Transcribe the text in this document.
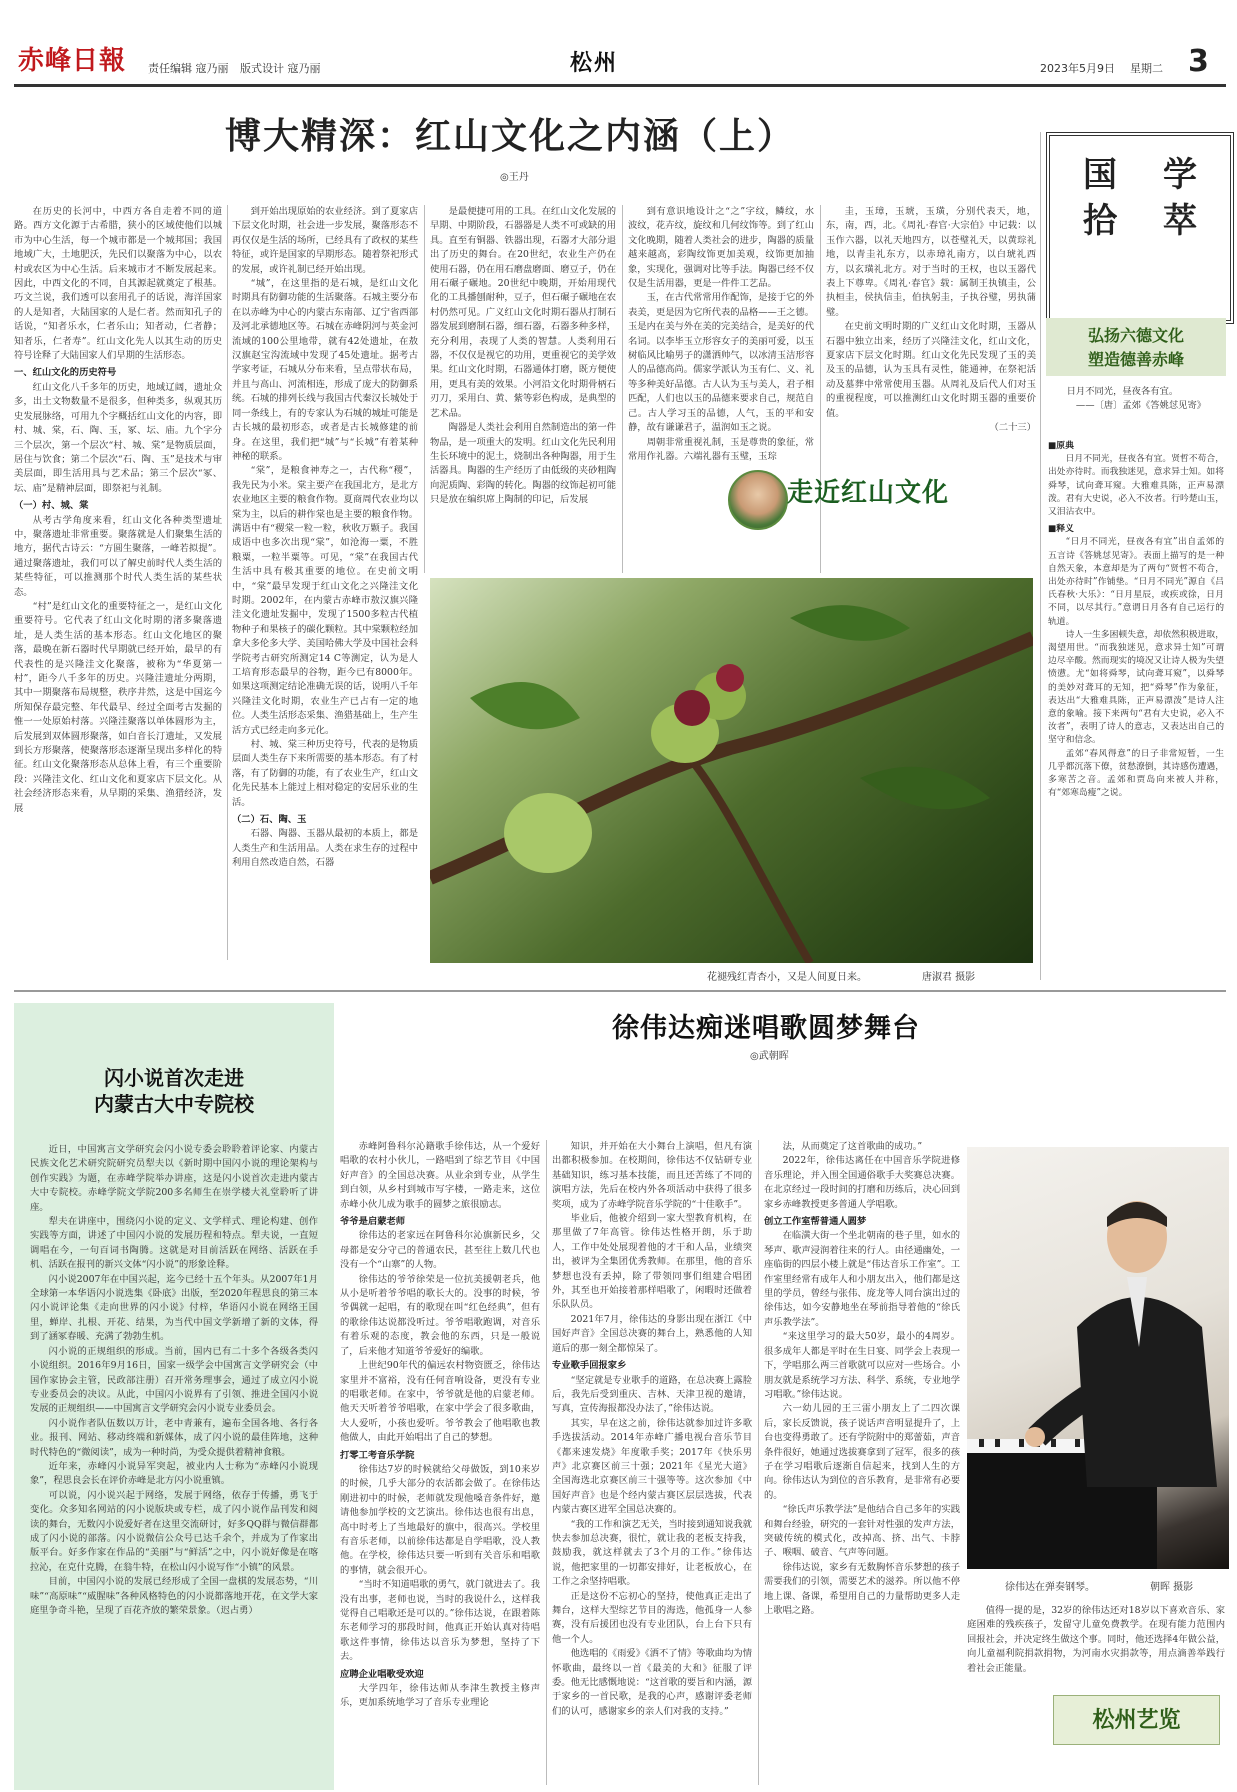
赤峰日報 责任编辑 寇乃丽 版式设计 寇乃丽	松州	2023年5月9日 星期二 3
博大精深：红山文化之内涵（上）
◎王丹

在历史的长河中，中西方各自走着不同的道路。西方文化源于古希腊，狭小的区域使他们以城市为中心生活，每一个城市都是一个城邦国；我国地域广大，土地肥沃，先民们以聚落为中心，以农村或农区为中心生活。后来城市才不断发展起来。因此，中西文化的不同，自其源起就奠定了根基。巧文兰说，我们透可以套用孔子的话说，海洋国家的人是知者，大陆国家的人是仁者。然而知孔子的话说，“知者乐水，仁者乐山；知者动，仁者静；知者乐，仁者寿”。红山文化先人以其生动的历史符号诠释了大陆国家人们早期的生活形态。

一、红山文化的历史符号

红山文化八千多年的历史，地域辽阔，遗址众多，出土文物数量不是很多，但种类多，纵观其历史发展脉络，可用九个字概括红山文化的内容，即村、城、棠，石、陶、玉，冢、坛、庙。九个字分三个层次，第一个层次“村、城、棠”是物质层面，居住与饮食；第二个层次“石、陶、玉”是技术与审美层面，即生活用具与艺术品；第三个层次“冢、坛、庙”是精神层面，即祭祀与礼制。

（一）村、城、棠

从考古学角度来看，红山文化各种类型遗址中，聚落遗址非常重要。聚落就是人们聚集生活的地方，据代古诗云：“方圆生聚落，一峰若拟提”。通过聚落遗址，我们可以了解史前时代人类生活的某些特征，可以推测那个时代人类生活的某些状态。

“村”是红山文化的重要特征之一，是红山文化重要符号。它代表了红山文化时期的渚多聚落遗址，是人类生活的基本形态。红山文化地区的聚落，最晚在新石器时代早期就已经开始，最早的有代表性的是兴隆洼文化聚落，被称为“华夏第一村”，距今八千多年的历史。兴隆洼遗址分两期，其中一期聚落布局规整，秩序井然，这是中国迄今所知保存最完整、年代最早、经过全面考古发掘的惟一一处原始村落。兴隆洼聚落以单体圆形为主，后发展到双体圆形聚落，如白音长汀遗址，又发展到长方形聚落，使聚落形态逐渐呈现出多样化的特征。红山文化聚落形态从总体上看，有三个重要阶段：兴隆洼文化、红山文化和夏家店下层文化。从社会经济形态来看，从早期的采集、渔猎经济，发展

到开始出现原始的农业经济。到了夏家店下层文化时期，社会进一步发展，聚落形态不再仅仅是生活的场所，已经具有了政权的某些特征，或许是国家的早期形态。随着祭祀形式的发展，或许礼制已经开始出现。

“城”，在这里指的是石城，是红山文化时期具有防御功能的生活聚落。石城主要分布在以赤峰为中心的内蒙古东南部、辽宁省西部及河北承德地区等。石城在赤峰阴河与英金河流域的100公里地带，就有42处遗址，在敖汉旗赵宝沟流域中发现了45处遗址。据考古学家考证，石城从分布来看，呈点带状布局，并且与高山、河流相连，形成了庞大的防御系统。石城的排列长线与我国古代秦汉长城处于同一条线上，有的专家认为石城的城址可能是古长城的最初形态，或者是古长城修建的前身。在这里，我们把“城”与“长城”有着某种神秘的联系。

“棠”，是粮食神寿之一，古代称“稷”，我先民为小米。棠主要产在我国北方，是北方农业地区主要的粮食作物。夏商周代农业均以棠为主，以后的耕作棠也是主要的粮食作物。满语中有“稷棠一粒一粒，秋收万颗子。我国成语中也多次出现“棠”，如沧海一粟，不胜粮粟，一粒半粟等。可见，“棠”在我国古代生活中具有极其重要的地位。在史前文明中，“棠”最早发现于红山文化之兴隆洼文化时期。2002年，在内蒙古赤峰市敖汉旗兴隆洼文化遗址发掘中，发现了1500多粒古代植物种子和果核子的碳化颗粒。其中棠颗粒经加拿大多伦多大学、美国哈佛大学及中国社会科学院考古研究所测定14 C等测定，认为是人工培育形态最早的谷物，距今已有8000年。如果这项测定结论准确无误的话，说明八千年兴隆洼文化时期，农业生产已占有一定的地位。人类生活形态采集、渔猎基础上，生产生活方式已经走向多元化。

村、城、棠三种历史符号，代表的是物质层面人类生存下来所需要的基本形态。有了村落，有了防御的功能，有了农业生产，红山文化先民基本上能过上相对稳定的安居乐业的生活。

（二）石、陶、玉

石器、陶器、玉器从最初的本质上，都是人类生产和生活用品。人类在求生存的过程中利用自然改造自然，石器

是最便捷可用的工具。在红山文化发展的早期、中期阶段，石器器是人类不可或缺的用具。直至有铜器、铁器出现，石器才大部分退出了历史的舞台。在20世纪，农业生产仍在使用石器，仍在用石磨盘磨面、磨豆子，仍在用石碾子碾地。20世纪中晚期，开始用现代化的工具播刨耐种，豆子，但石碾子碾地在农村仍然可见。广义红山文化时期石器从打制石器发展到磨制石器，细石器，石器多种多样，充分利用，表现了人类的智慧。人类利用石器，不仅仅是视它的功用，更重视它的美学效果。红山文化时期，石器通体打磨，既方便使用，更具有美的效果。小河沿文化时期骨柄石刃刀，采用白、黄、紫等彩色构成，是典型的艺术品。

陶器是人类社会利用自然制造出的第一件物品，是一项重大的发明。红山文化先民利用生长环境中的泥土，烧制出各种陶器，用于生活器具。陶器的生产经历了由低级的夹砂粗陶向泥质陶、彩陶的转化。陶器的纹饰起初可能只是放在编织席上陶制的印记，后发展

到有意识地设计之“之”字纹，鳞纹，水波纹，花卉纹，旋纹和几何纹饰等。到了红山文化晚期，随着人类社会的进步，陶器的质量越来越高，彩陶纹饰更加美观，纹饰更加抽象，实现化，强调对比等手法。陶器已经不仅仅是生活用器，更是一件件工艺品。

玉，在古代常常用作配饰，是接于它的外表美，更是因为它所代表的品格——王之德。玉是内在美与外在美的完美结合，是美好的代名词。以李毕玉立形容女子的美丽可爱，以玉树临风比喻男子的潇洒帅气，以冰清玉洁形容人的品德高尚。儒家学派认为玉有仁、义、礼等多种美好品德。古人认为玉与美人，君子相匹配，人们也以玉的品德来要求自己，规范自己。古人学习玉的品德，人气，玉的平和安静，故有谦谦君子，温润如玉之说。

周朝非常重视礼制，玉是尊贵的象征，常常用作礼器。六端礼器有玉璧，玉琮

圭，玉璋，玉琥，玉璜，分别代表天，地，东，南，西，北。《周礼·春官·大宗伯》中记载：以玉作六器，以礼天地四方，以苍璧礼天，以黄琮礼地，以青圭礼东方，以赤璋礼南方，以白琥礼西方，以玄璜礼北方。对于当时的王权，也以玉器代表上下尊卑。《周礼·春官》载：属制王执镇圭，公执桓圭，侯执信圭，伯执躬圭，子执谷璧，男执蒲璧。

在史前文明时期的广义红山文化时期，玉器从石器中独立出来，经历了兴隆洼文化，红山文化，夏家店下层文化时期。红山文化先民发现了玉的美及玉的品德，认为玉具有灵性，能通神，在祭祀活动及墓葬中常常使用玉器。从周礼及后代人们对玉的重视程度，可以推测红山文化时期玉器的重要价值。

（二十三）

走近红山文化
花褪残红青杏小，又是人间夏日来。	唐淑君 摄影
国	学
拾	萃
弘扬六德文化
塑造德善赤峰

日月不同光，昼夜各有宜。

——〔唐〕孟郊《答姚怤见寄》

■原典

日月不同光，昼夜各有宜。贤哲不苟合，出处亦待时。而我独迷见，意求异士知。如将舜琴，试向聋耳窥。大雅难具陈，正声易漂泼。君有大史说，必入不汝者。行吟楚山玉，又泪沾衣中。

■释义

“日月不同光，昼夜各有宜”出自孟郊的五言诗《答姚怤见寄》。表面上描写的是一种自然天象，本意却是为了两句“贤哲不苟合，出处亦待时”作铺垫。“日月不同光”源自《吕氏春秋·大乐》：“日月星辰，或疾或徐，日月不同，以尽其行。”意谓日月各有自己运行的轨道。

诗人一生多困顿失意，却依然积极进取，渴望用世。“而我独迷见，意求异士知”可谓边尽辛酸。然而现实的境况又让诗人极为失望愤懑。尤“如将舜琴，试向聋耳窥”，以舜琴的美妙对聋耳的无知，把“舜琴”作为象征，表达出“大雅难具陈，正声易漂泼”是诗人注意的象喻。接下来两句“君有大史说，必入不汝者”，表明了诗人的意志，又表达出自己的坚守和信念。

孟郊“春风得意”的日子非常短暂，一生几乎都沉落下僚，贫愁潦倒，其诗感伤遭遇，多寒苦之音。孟郊和贾岛向来被人并称，有“郊寒岛瘦”之说。

闪小说首次走进
内蒙古大中专院校

近日，中国寓言文学研究会闪小说专委会聆聆着评论家、内蒙古民族文化艺术研究院研究员犁夫以《新时期中国闪小说的理论架构与创作实践》为题，在赤峰学院举办讲座，这是闪小说首次走进内蒙古大中专院校。赤峰学院文学院200多名师生在崇学楼大礼堂聆听了讲座。

犁夫在讲座中，围绕闪小说的定义、文学样式、理论构建、创作实践等方面，讲述了中国闪小说的发展历程和特点。犁夫说，一直短调唱在今，一句百词书陶腾。这就是对目前活跃在网络、活跃在手机、活跃在报刊的新兴文体“闪小说”的形象诠释。

闪小说2007年在中国兴起，迄今已经十五个年头。从2007年1月全球第一本华语闪小说选集《卧底》出版，至2020年程思良的第三本闪小说评论集《走向世界的闪小说》付梓，华语闪小说在网络王国里，蝉岸、扎根、开花、结果，为当代中国文学新增了新的文体，得到了涵冢春暖、充满了勃勃生机。

闪小说的正规组织的形成。当前，国内已有二十多个各级各类闪小说组织。2016年9月16日，国家一级学会中国寓言文学研究会（中国作家协会主管，民政部注册）召开常务理事会，通过了成立闪小说专业委员会的决议。从此，中国闪小说界有了引领、推进全国闪小说发展的正规组织——中国寓言文学研究会闪小说专业委员会。

闪小说作者队伍数以万计，老中青兼有，遍布全国各地、各行各业。报刊、网站、移动终端和新媒体，成了闪小说的最佳阵地，这种时代特色的“微阅读”，成为一种时尚，为受众提供着精神食粮。

近年来，赤峰闪小说异军突起，被业内人士称为“赤峰闪小说现象”，程思良会长在评价赤峰是北方闪小说重镇。

可以说，闪小说兴起于网络，发展于网络，依存于传播，勇飞于变化。众多知名网站的闪小说版块或专栏，成了闪小说作品刊发和阅读的舞台，无数闪小说爱好者在这里交流研讨，好多QQ群与微信群都成了闪小说的部落。闪小说微信公众号已达千余个，并成为了作家出版平台。好多作家在作品的“美丽”与“鲜活”之中，闪小说好像是在喀拉沁，在克什克腾，在翁牛特，在松山闪小说写作“小镇”的风景。

目前，中国闪小说的发展已经形成了全国一盘棋的发展态势，“川味”“高原味”“威腥味”各种风格特色的闪小说都落地开花，在文学大家庭里争奇斗艳，呈现了百花齐放的繁荣景象。（迟占勇）

徐伟达痴迷唱歌圆梦舞台
◎武朝晖

赤峰阿鲁科尔沁籍歌手徐伟达，从一个爱好唱歌的农村小伙儿，一路唱到了综艺节目《中国好声音》的全国总决赛。从业余到专业，从学生到白领，从乡村到城市写字楼，一路走来，这位赤峰小伙儿成为歌手的圆梦之旅很励志。

爷爷是启蒙老师

徐伟达的老家远在阿鲁科尔沁旗新民乡，父母都是安分守己的普通农民，甚至往上数几代也没有一个“山寨”的人物。

徐伟达的爷爷徐荣是一位抗美援朝老兵，他从小是听着爷爷唱的歌长大的。没事的时候，爷爷偶就一起唱，有的歌现在叫“红色经典”，但有的歌徐伟达说都没听过。爷爷唱歌跑调，对音乐有着乐观的态度，教会他的东西，只是一般说了，后来他才知道爷爷爱好的编歌。

上世纪90年代的偏远农村物资匮乏，徐伟达家里并不富裕，没有任何音响设备，更没有专业的唱歌老师。在家中，爷爷就是他的启蒙老师。他天天听着爷爷唱歌，在家中学会了很多歌曲，大人爱听，小孩也爱听。爷爷教会了他唱歌也教他做人，由此开始唱出了自己的梦想。

打零工考音乐学院

徐伟达7岁的时候就给父母做饭，到10来岁的时候，几乎大部分的农活都会做了。在徐伟达刚进初中的时候，老师就发现他嗓音条件好，邀请他参加学校的文艺演出。徐伟达也很有出息，高中时考上了当地最好的旗中，很高兴。学校里有音乐老师，以前徐伟达都是自学唱歌，没人教他。在学校，徐伟达只要一听到有关音乐和唱歌的事情，就会很开心。

“当时不知道唱歌的勇气，就门就进去了。我没有出事，老师也说，当时的我说什么，这样我觉得自己唱歌还是可以的。”徐伟达说，在跟着陈东老师学习的那段时间，他真正开始认真对待唱歌这件事情，徐伟达以音乐为梦想，坚持了下去。

应聘企业唱歌受欢迎

大学四年，徐伟达师从李津生教授主修声乐，更加系统地学习了音乐专业理论

知识，并开始在大小舞台上演唱，但凡有演出都积极参加。在校期间，徐伟达不仅钻研专业基础知识，练习基本技能，而且还苦练了不同的演唱方法，先后在校内外各项活动中获得了很多奖项，成为了赤峰学院音乐学院的“十佳歌手”。

毕业后，他被介绍到一家大型教育机构，在那里做了7年高管。徐伟达性格开朗，乐于助人，工作中处处展现着他的才干和人品，业绩突出，被评为全集团优秀教师。在那里，他的音乐梦想也没有丢掉，除了带领同事们组建合唱团外，其至也开始接着那样唱歌了，闲暇时还做着乐队队员。

2021年7月，徐伟达的身影出现在浙江《中国好声音》全国总决赛的舞台上，熟悉他的人知道后的那一刻全都惊呆了。

专业歌手回报家乡

“坚定就是专业歌手的道路，在总决赛上露脸后，我先后受到重庆、吉林、天津卫视的邀请，写真，宣传海报都没办法了，”徐伟达说。

其实，早在这之前，徐伟达就参加过许多歌手选拔活动。2014年赤峰广播电视台音乐节目《都来速发烧》年度歌手奖；2017年《快乐男声》北京赛区前三十强；2021年《星光大道》全国海选北京赛区前三十强等等。这次参加《中国好声音》也是个经内蒙古赛区层层选拔，代表内蒙古赛区进军全国总决赛的。

“我的工作和演艺无关，当时接到通知说我就快去参加总决赛，很忙，就让我的老板支持我，鼓励我，就这样就去了3个月的工作。”徐伟达说，他把家里的一切都安排好，让老板放心，在工作之余坚持唱歌。

正是这份不忘初心的坚持，使他真正走出了舞台，这样大型综艺节目的海选，他孤身一人参赛，没有后援团也没有专业团队，台上台下只有他一个人。

他选唱的《雨爱》《洒不了情》等歌曲均为情怀歌曲，最终以一首《最美的大和》征服了评委。他无比感慨地说：“这首歌的要旨和内涵，源于家乡的一首民歌，是我的心声，感谢评委老师们的认可，感谢家乡的亲人们对我的支持。”

法，从而奠定了这首歌曲的成功。”

2022年，徐伟达离任在中国音乐学院进修音乐理论，并入围全国通俗歌手大奖赛总决赛。在北京经过一段时间的打磨和历练后，决心回到家乡赤峰教授更多普通人学唱歌。

创立工作室帮普通人圆梦

在临潢大街一个坐北朝南的巷子里，如水的琴声、歌声浸润着往来的行人。由径通幽处，一座临街的四层小楼上就是“伟达音乐工作室”。工作室里经常有成年人和小朋友出入，他们都是这里的学员，曾经与张伟、庞龙等人同台演出过的徐伟达，如今安静地坐在琴前指导着他的“徐氏声乐教学法”。

“来这里学习的最大50岁，最小的4周岁。很多成年人都是平时在生日宴、同学会上表现一下，学唱那么两三首歌就可以应对一些场合。小朋友就是系统学习方法、科学、系统，专业地学习唱歌。”徐伟达说。

六一幼儿园的王三雷小朋友上了二四次课后，家长反馈说，孩子说话声音明显提升了，上台也变得勇敢了。还有学院附中的郑蕾茹，声音条件很好，她通过选拔赛拿到了冠军，很多的孩子在学习唱歌后逐渐自信起来，找到人生的方向。徐伟达认为到位的音乐教育，是非常有必要的。

“徐氏声乐教学法”是他结合自己多年的实践和舞台经验，研究的一套针对性强的发声方法，突破传统的模式化，改掉高、挤、出气、卡脖子、喉咽、破音、气声等问题。

徐伟达说，家乡有无数胸怀音乐梦想的孩子需要我们的引领，需要艺术的滋养。所以他不停地上课、备课，希望用自己的力量帮助更多人走上歌唱之路。

徐伟达在弹奏钢琴。	朝晖 摄影

值得一提的是，32岁的徐伟达还对18岁以下喜欢音乐、家庭困难的残疾孩子，发留守儿童免费教学。在现有能力范围内回报社会，并决定终生做这个事。同时，他还选择4年做公益，向儿童福利院捐款捐物，为河南水灾捐款等，用点滴善举践行着社会正能量。

松州艺览
